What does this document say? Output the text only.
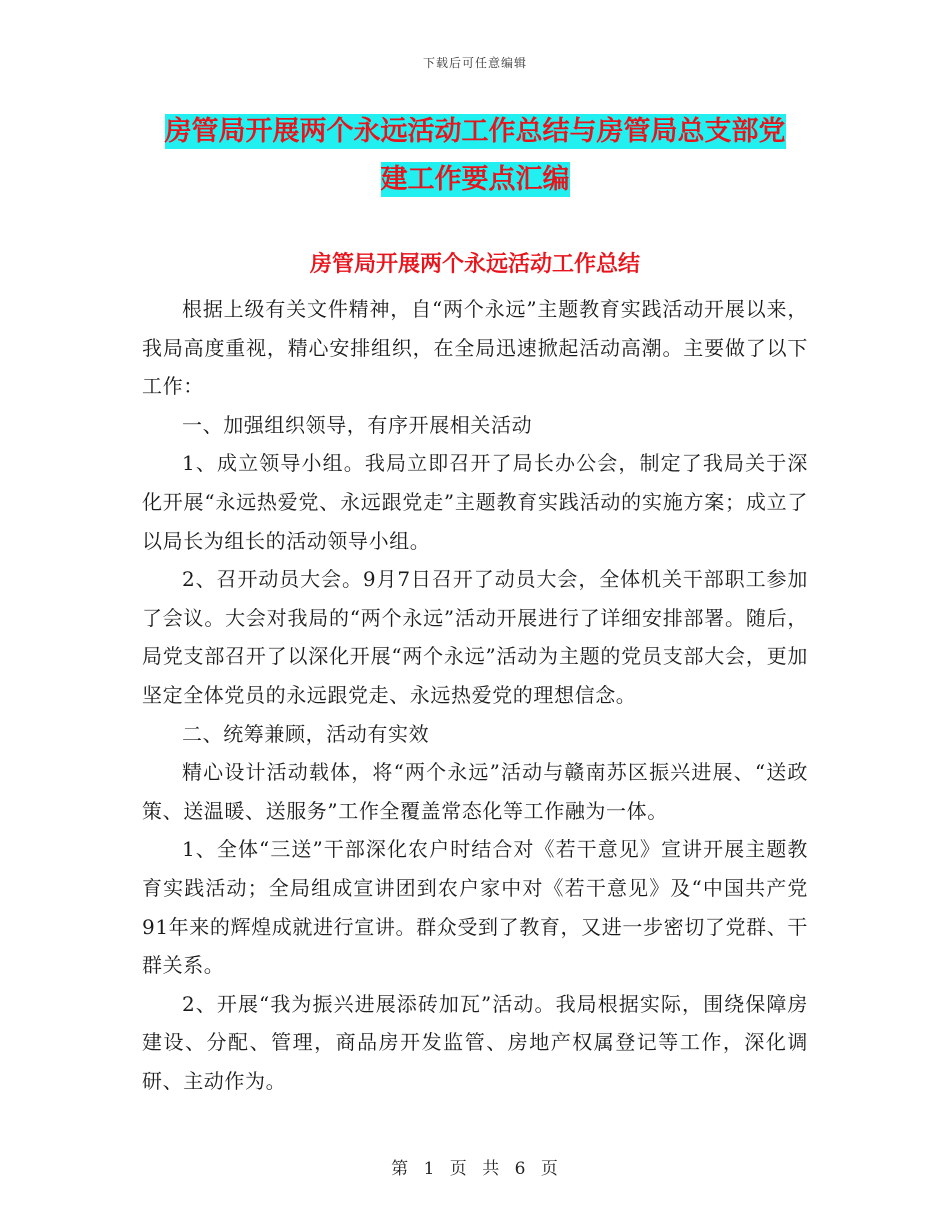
下载后可任意编辑
房管局开展两个永远活动工作总结与房管局总支部党
建工作要点汇编
房管局开展两个永远活动工作总结

根据上级有关文件精神，自“两个永远”主题教育实践活动开展以来，我局高度重视，精心安排组织，在全局迅速掀起活动高潮。主要做了以下工作：

一、加强组织领导，有序开展相关活动

1、成立领导小组。我局立即召开了局长办公会，制定了我局关于深化开展“永远热爱党、永远跟党走”主题教育实践活动的实施方案；成立了以局长为组长的活动领导小组。

2、召开动员大会。9月7日召开了动员大会，全体机关干部职工参加了会议。大会对我局的“两个永远”活动开展进行了详细安排部署。随后，局党支部召开了以深化开展“两个永远”活动为主题的党员支部大会，更加坚定全体党员的永远跟党走、永远热爱党的理想信念。

二、统筹兼顾，活动有实效

精心设计活动载体，将“两个永远”活动与赣南苏区振兴进展、“送政策、送温暖、送服务”工作全覆盖常态化等工作融为一体。

1、全体“三送”干部深化农户时结合对《若干意见》宣讲开展主题教育实践活动；全局组成宣讲团到农户家中对《若干意见》及“中国共产党91年来的辉煌成就进行宣讲。群众受到了教育，又进一步密切了党群、干群关系。

2、开展“我为振兴进展添砖加瓦”活动。我局根据实际，围绕保障房建设、分配、管理，商品房开发监管、房地产权属登记等工作，深化调研、主动作为。

第 1 页 共 6 页
